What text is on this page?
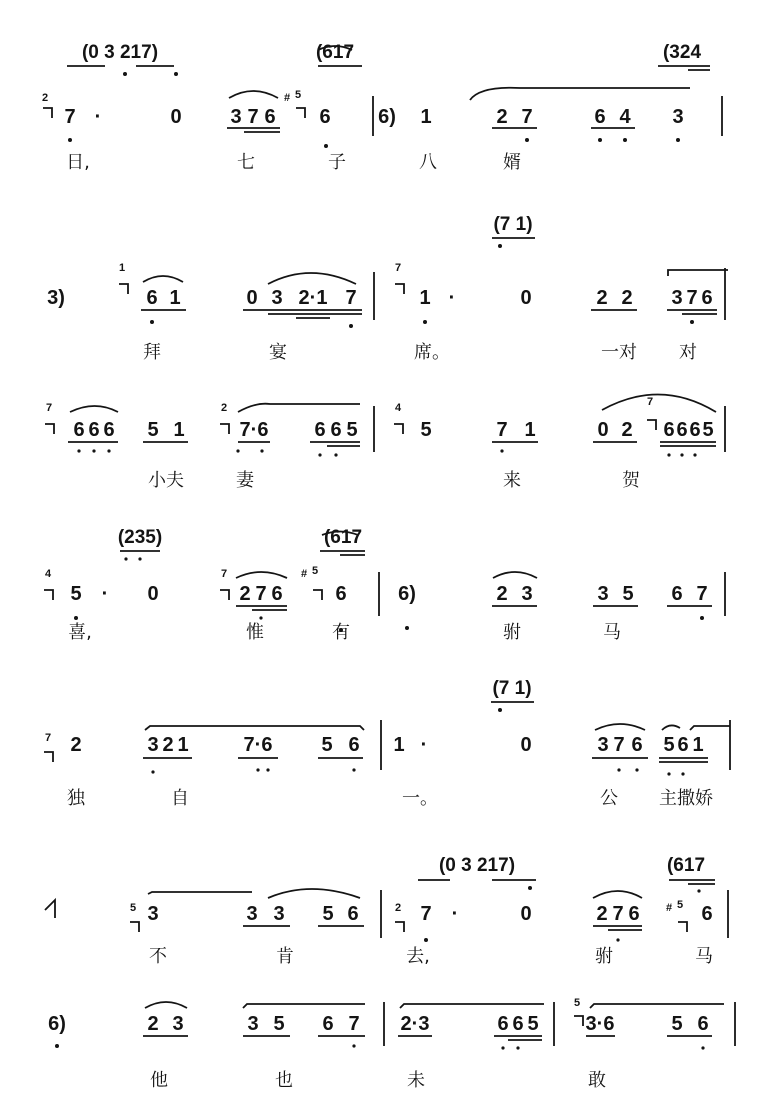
(0 3 217)	(617	(324
7 ·	0 3 7 6 6 6) 1	2 7	6 4 3
2	# 5
日,	七	子	八	婿
(7 1)
3)	6 1	0 3 2·1 7	1 ·	0	2 2 3 7 6
1	7
拜	宴	席。	一对 对
6 6 6 5 1	7·6 6 6 5	5	7 1	0 2 6 6 6 5
7	2	4	7
小夫	妻	来	贺
(235)	(617
5 · 0	2 7 6	6	6)	2 3	3 5 6 7
4	7	# 5
喜,	惟	有	驸	马
(7 1)
2	3 2 1	7·6 5 6 1 ·	0	3 7 6 5 6 1
7
独	自	一。	公 主撒娇
(0 3 217)	(617
3	3 3 5 6	7 ·	0	2 7 6	6
5	2	# 5
不	肯	去,	驸	马
6)	2 3	3 5 6 7 2·3	6 6 5 3·6	5 6
5
他	也	未	敢
